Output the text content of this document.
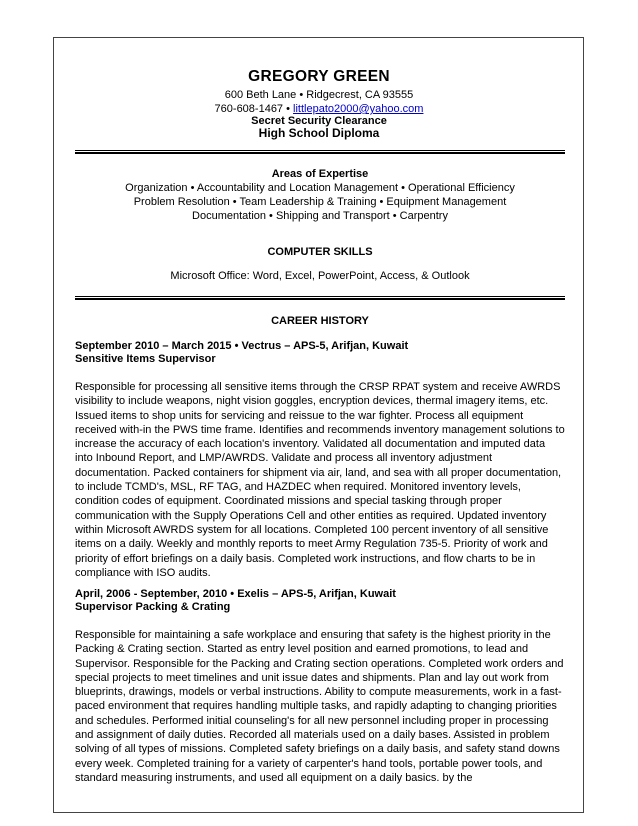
GREGORY GREEN
600 Beth Lane • Ridgecrest, CA 93555
760-608-1467 • littlepato2000@yahoo.com
Secret Security Clearance
High School Diploma
Areas of Expertise
Organization • Accountability and Location Management • Operational Efficiency
Problem Resolution • Team Leadership & Training • Equipment Management
Documentation • Shipping and Transport • Carpentry
COMPUTER SKILLS
Microsoft Office: Word, Excel, PowerPoint, Access, & Outlook
CAREER HISTORY
September 2010 – March 2015 • Vectrus – APS-5, Arifjan, Kuwait
Sensitive Items Supervisor

Responsible for processing all sensitive items through the CRSP RPAT system and receive AWRDS visibility to include weapons, night vision goggles, encryption devices, thermal imagery items, etc. Issued items to shop units for servicing and reissue to the war fighter. Process all equipment received with-in the PWS time frame. Identifies and recommends inventory management solutions to increase the accuracy of each location's inventory. Validated all documentation and imputed data into Inbound Report, and LMP/AWRDS. Validate and process all inventory adjustment documentation. Packed containers for shipment via air, land, and sea with all proper documentation, to include TCMD's, MSL, RF TAG, and HAZDEC when required. Monitored inventory levels, condition codes of equipment. Coordinated missions and special tasking through proper communication with the Supply Operations Cell and other entities as required. Updated inventory within Microsoft AWRDS system for all locations. Completed 100 percent inventory of all sensitive items on a daily. Weekly and monthly reports to meet Army Regulation 735-5. Priority of work and priority of effort briefings on a daily basis. Completed work instructions, and flow charts to be in compliance with ISO audits.

April, 2006 - September, 2010 • Exelis – APS-5, Arifjan, Kuwait
Supervisor Packing & Crating

Responsible for maintaining a safe workplace and ensuring that safety is the highest priority in the Packing & Crating section. Started as entry level position and earned promotions, to lead and Supervisor. Responsible for the Packing and Crating section operations. Completed work orders and special projects to meet timelines and unit issue dates and shipments. Plan and lay out work from blueprints, drawings, models or verbal instructions. Ability to compute measurements, work in a fast-paced environment that requires handling multiple tasks, and rapidly adapting to changing priorities and schedules. Performed initial counseling's for all new personnel including proper in processing and assignment of daily duties. Recorded all materials used on a daily bases. Assisted in problem solving of all types of missions. Completed safety briefings on a daily basis, and safety stand downs every week. Completed training for a variety of carpenter's hand tools, portable power tools, and standard measuring instruments, and used all equipment on a daily basics. by the
